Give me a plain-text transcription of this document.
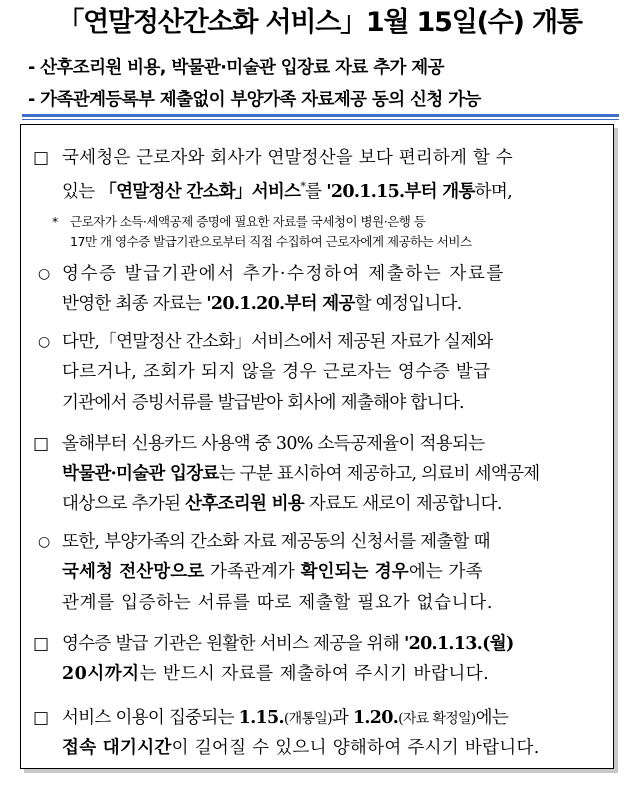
「연말정산간소화 서비스」1월 15일(수) 개통
- 산후조리원 비용, 박물관·미술관 입장료 자료 추가 제공
- 가족관계등록부 제출없이 부양가족 자료제공 동의 신청 가능
□ 국세청은 근로자와 회사가 연말정산을 보다 편리하게 할 수
있는 「연말정산 간소화」서비스*를 '20.1.15.부터 개통하며,
* 근로자가 소득·세액공제 증명에 필요한 자료를 국세청이 병원·은행 등
17만 개 영수증 발급기관으로부터 직접 수집하여 근로자에게 제공하는 서비스
○ 영수증 발급기관에서 추가·수정하여 제출하는 자료를
반영한 최종 자료는 '20.1.20.부터 제공할 예정입니다.
○ 다만,「연말정산 간소화」서비스에서 제공된 자료가 실제와
다르거나, 조회가 되지 않을 경우 근로자는 영수증 발급
기관에서 증빙서류를 발급받아 회사에 제출해야 합니다.
□ 올해부터 신용카드 사용액 중 30% 소득공제율이 적용되는
박물관·미술관 입장료는 구분 표시하여 제공하고, 의료비 세액공제
대상으로 추가된 산후조리원 비용 자료도 새로이 제공합니다.
○ 또한, 부양가족의 간소화 자료 제공동의 신청서를 제출할 때
국세청 전산망으로 가족관계가 확인되는 경우에는 가족
관계를 입증하는 서류를 따로 제출할 필요가 없습니다.
□ 영수증 발급 기관은 원활한 서비스 제공을 위해 '20.1.13.(월)
20시까지는 반드시 자료를 제출하여 주시기 바랍니다.
□ 서비스 이용이 집중되는 1.15.(개통일)과 1.20.(자료 확정일)에는
접속 대기시간이 길어질 수 있으니 양해하여 주시기 바랍니다.
